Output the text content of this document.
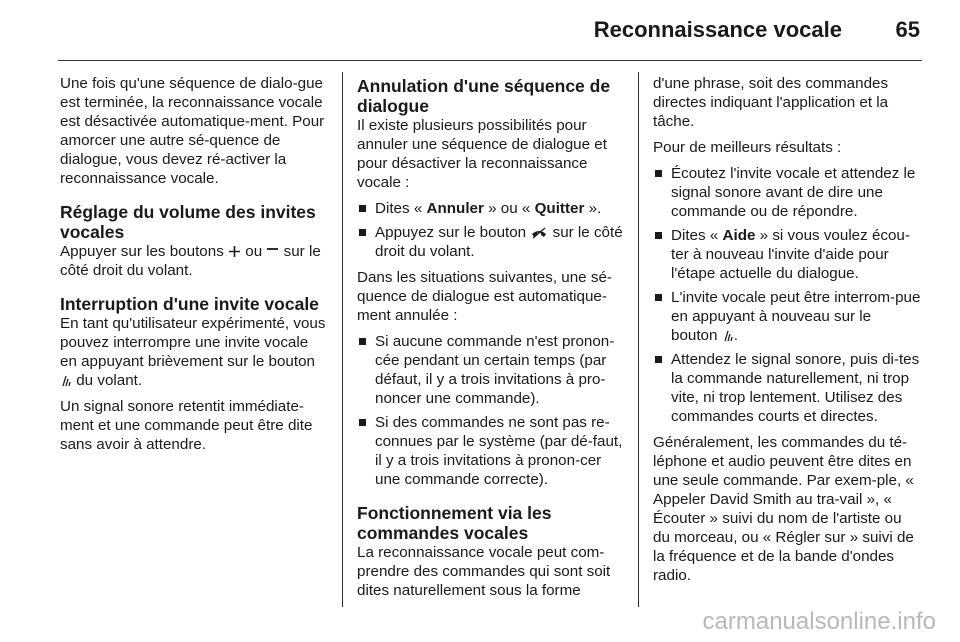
Reconnaissance vocale 65

Une fois qu'une séquence de dialo-gue est terminée, la reconnaissance vocale est désactivée automatique-ment. Pour amorcer une autre sé-quence de dialogue, vous devez ré-activer la reconnaissance vocale.

Réglage du volume des invites vocales

Appuyer sur les boutons ou sur le côté droit du volant.

Interruption d'une invite vocale

En tant qu'utilisateur expérimenté, vous pouvez interrompre une invite vocale en appuyant brièvement sur le bouton  du volant.

Un signal sonore retentit immédiate-ment et une commande peut être dite sans avoir à attendre.

Annulation d'une séquence de dialogue

Il existe plusieurs possibilités pour annuler une séquence de dialogue et pour désactiver la reconnaissance vocale :

Dites « Annuler » ou « Quitter ».
Appuyez sur le bouton sur le côté droit du volant.

Dans les situations suivantes, une sé-quence de dialogue est automatique-ment annulée :

Si aucune commande n'est pronon-cée pendant un certain temps (par défaut, il y a trois invitations à pro-noncer une commande).
Si des commandes ne sont pas re-connues par le système (par dé-faut, il y a trois invitations à pronon-cer une commande correcte).
Fonctionnement via les commandes vocales

La reconnaissance vocale peut com-prendre des commandes qui sont soit dites naturellement sous la forme

d'une phrase, soit des commandes directes indiquant l'application et la tâche.

Pour de meilleurs résultats :

Écoutez l'invite vocale et attendez le signal sonore avant de dire une commande ou de répondre.
Dites « Aide » si vous voulez écou-ter à nouveau l'invite d'aide pour l'étape actuelle du dialogue.
L'invite vocale peut être interrom-pue en appuyant à nouveau sur le bouton .
Attendez le signal sonore, puis di-tes la commande naturellement, ni trop vite, ni trop lentement. Utilisez des commandes courts et directes.

Généralement, les commandes du té-léphone et audio peuvent être dites en une seule commande. Par exem-ple, « Appeler David Smith au tra-vail », « Écouter » suivi du nom de l'artiste ou du morceau, ou « Régler sur » suivi de la fréquence et de la bande d'ondes radio.

carmanualsonline.info
